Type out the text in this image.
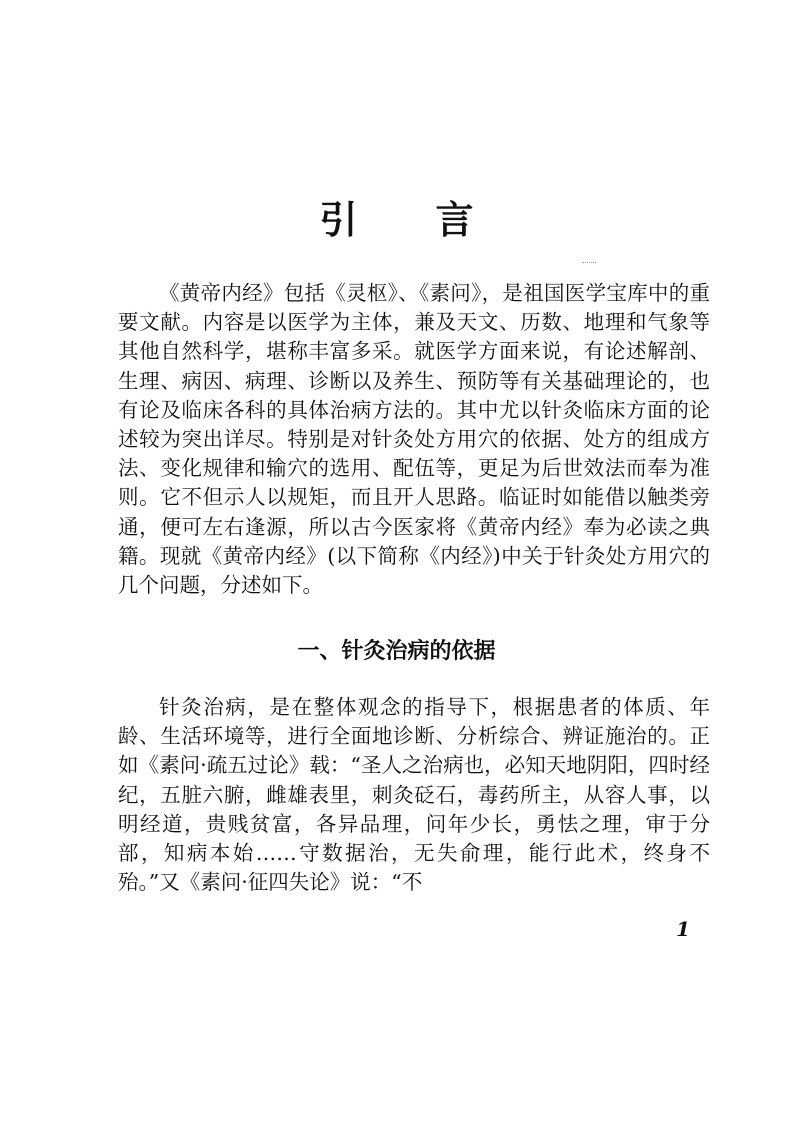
引言

《黄帝内经》包括《灵枢》、《素问》，是祖国医学宝库中的重要文献。内容是以医学为主体，兼及天文、历数、地理和气象等其他自然科学，堪称丰富多采。就医学方面来说，有论述解剖、生理、病因、病理、诊断以及养生、预防等有关基础理论的，也有论及临床各科的具体治病方法的。其中尤以针灸临床方面的论述较为突出详尽。特别是对针灸处方用穴的依据、处方的组成方法、变化规律和输穴的选用、配伍等，更足为后世效法而奉为准则。它不但示人以规矩，而且开人思路。临证时如能借以触类旁通，便可左右逢源，所以古今医家将《黄帝内经》奉为必读之典籍。现就《黄帝内经》(以下简称《内经》)中关于针灸处方用穴的几个问题，分述如下。

一、针灸治病的依据

针灸治病，是在整体观念的指导下，根据患者的体质、年龄、生活环境等，进行全面地诊断、分析综合、辨证施治的。正如《素问·疏五过论》载：“圣人之治病也，必知天地阴阳，四时经纪，五脏六腑，雌雄表里，刺灸砭石，毒药所主，从容人事，以明经道，贵贱贫富，各异品理，问年少长，勇怯之理，审于分部，知病本始……守数据治，无失俞理，能行此术，终身不殆。”又《素问·征四失论》说：“不

1
